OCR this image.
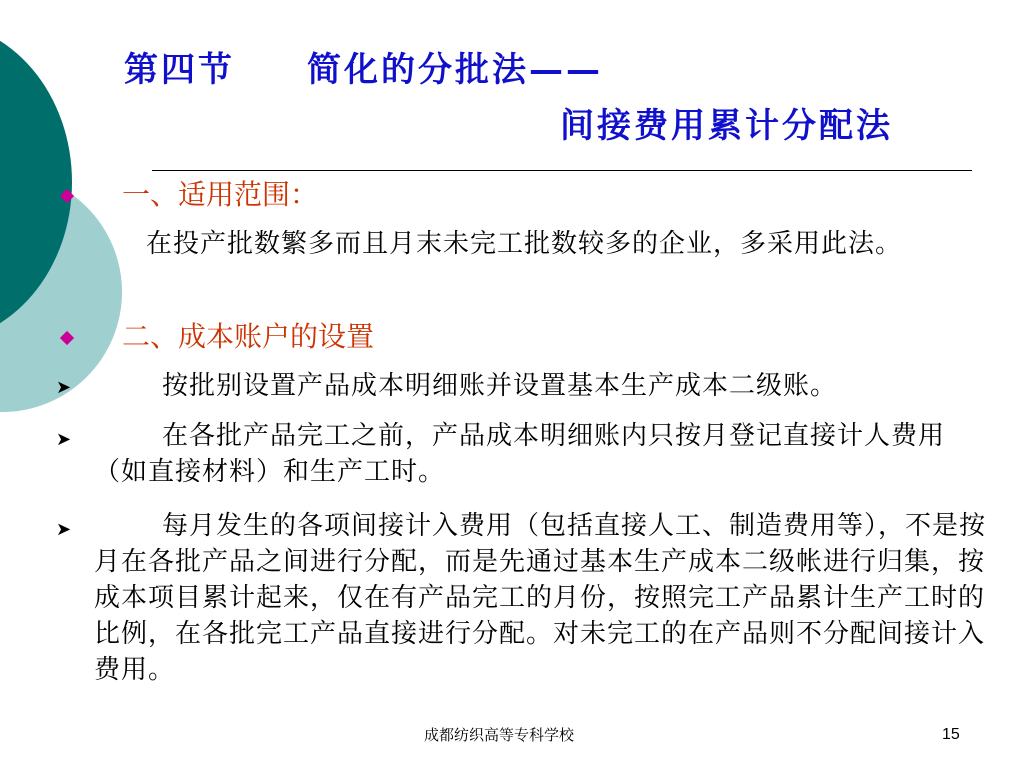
第四节 简化的分批法——
间接费用累计分配法
一、适用范围：
在投产批数繁多而且月末未完工批数较多的企业，多采用此法。
二、成本账户的设置
➤	按批别设置产品成本明细账并设置基本生产成本二级账。
➤	在各批产品完工之前，产品成本明细账内只按月登记直接计人费用（如直接材料）和生产工时。
➤	每月发生的各项间接计入费用（包括直接人工、制造费用等），不是按月在各批产品之间进行分配，而是先通过基本生产成本二级帐进行归集，按成本项目累计起来，仅在有产品完工的月份，按照完工产品累计生产工时的比例，在各批完工产品直接进行分配。对未完工的在产品则不分配间接计入费用。
成都纺织高等专科学校	15
